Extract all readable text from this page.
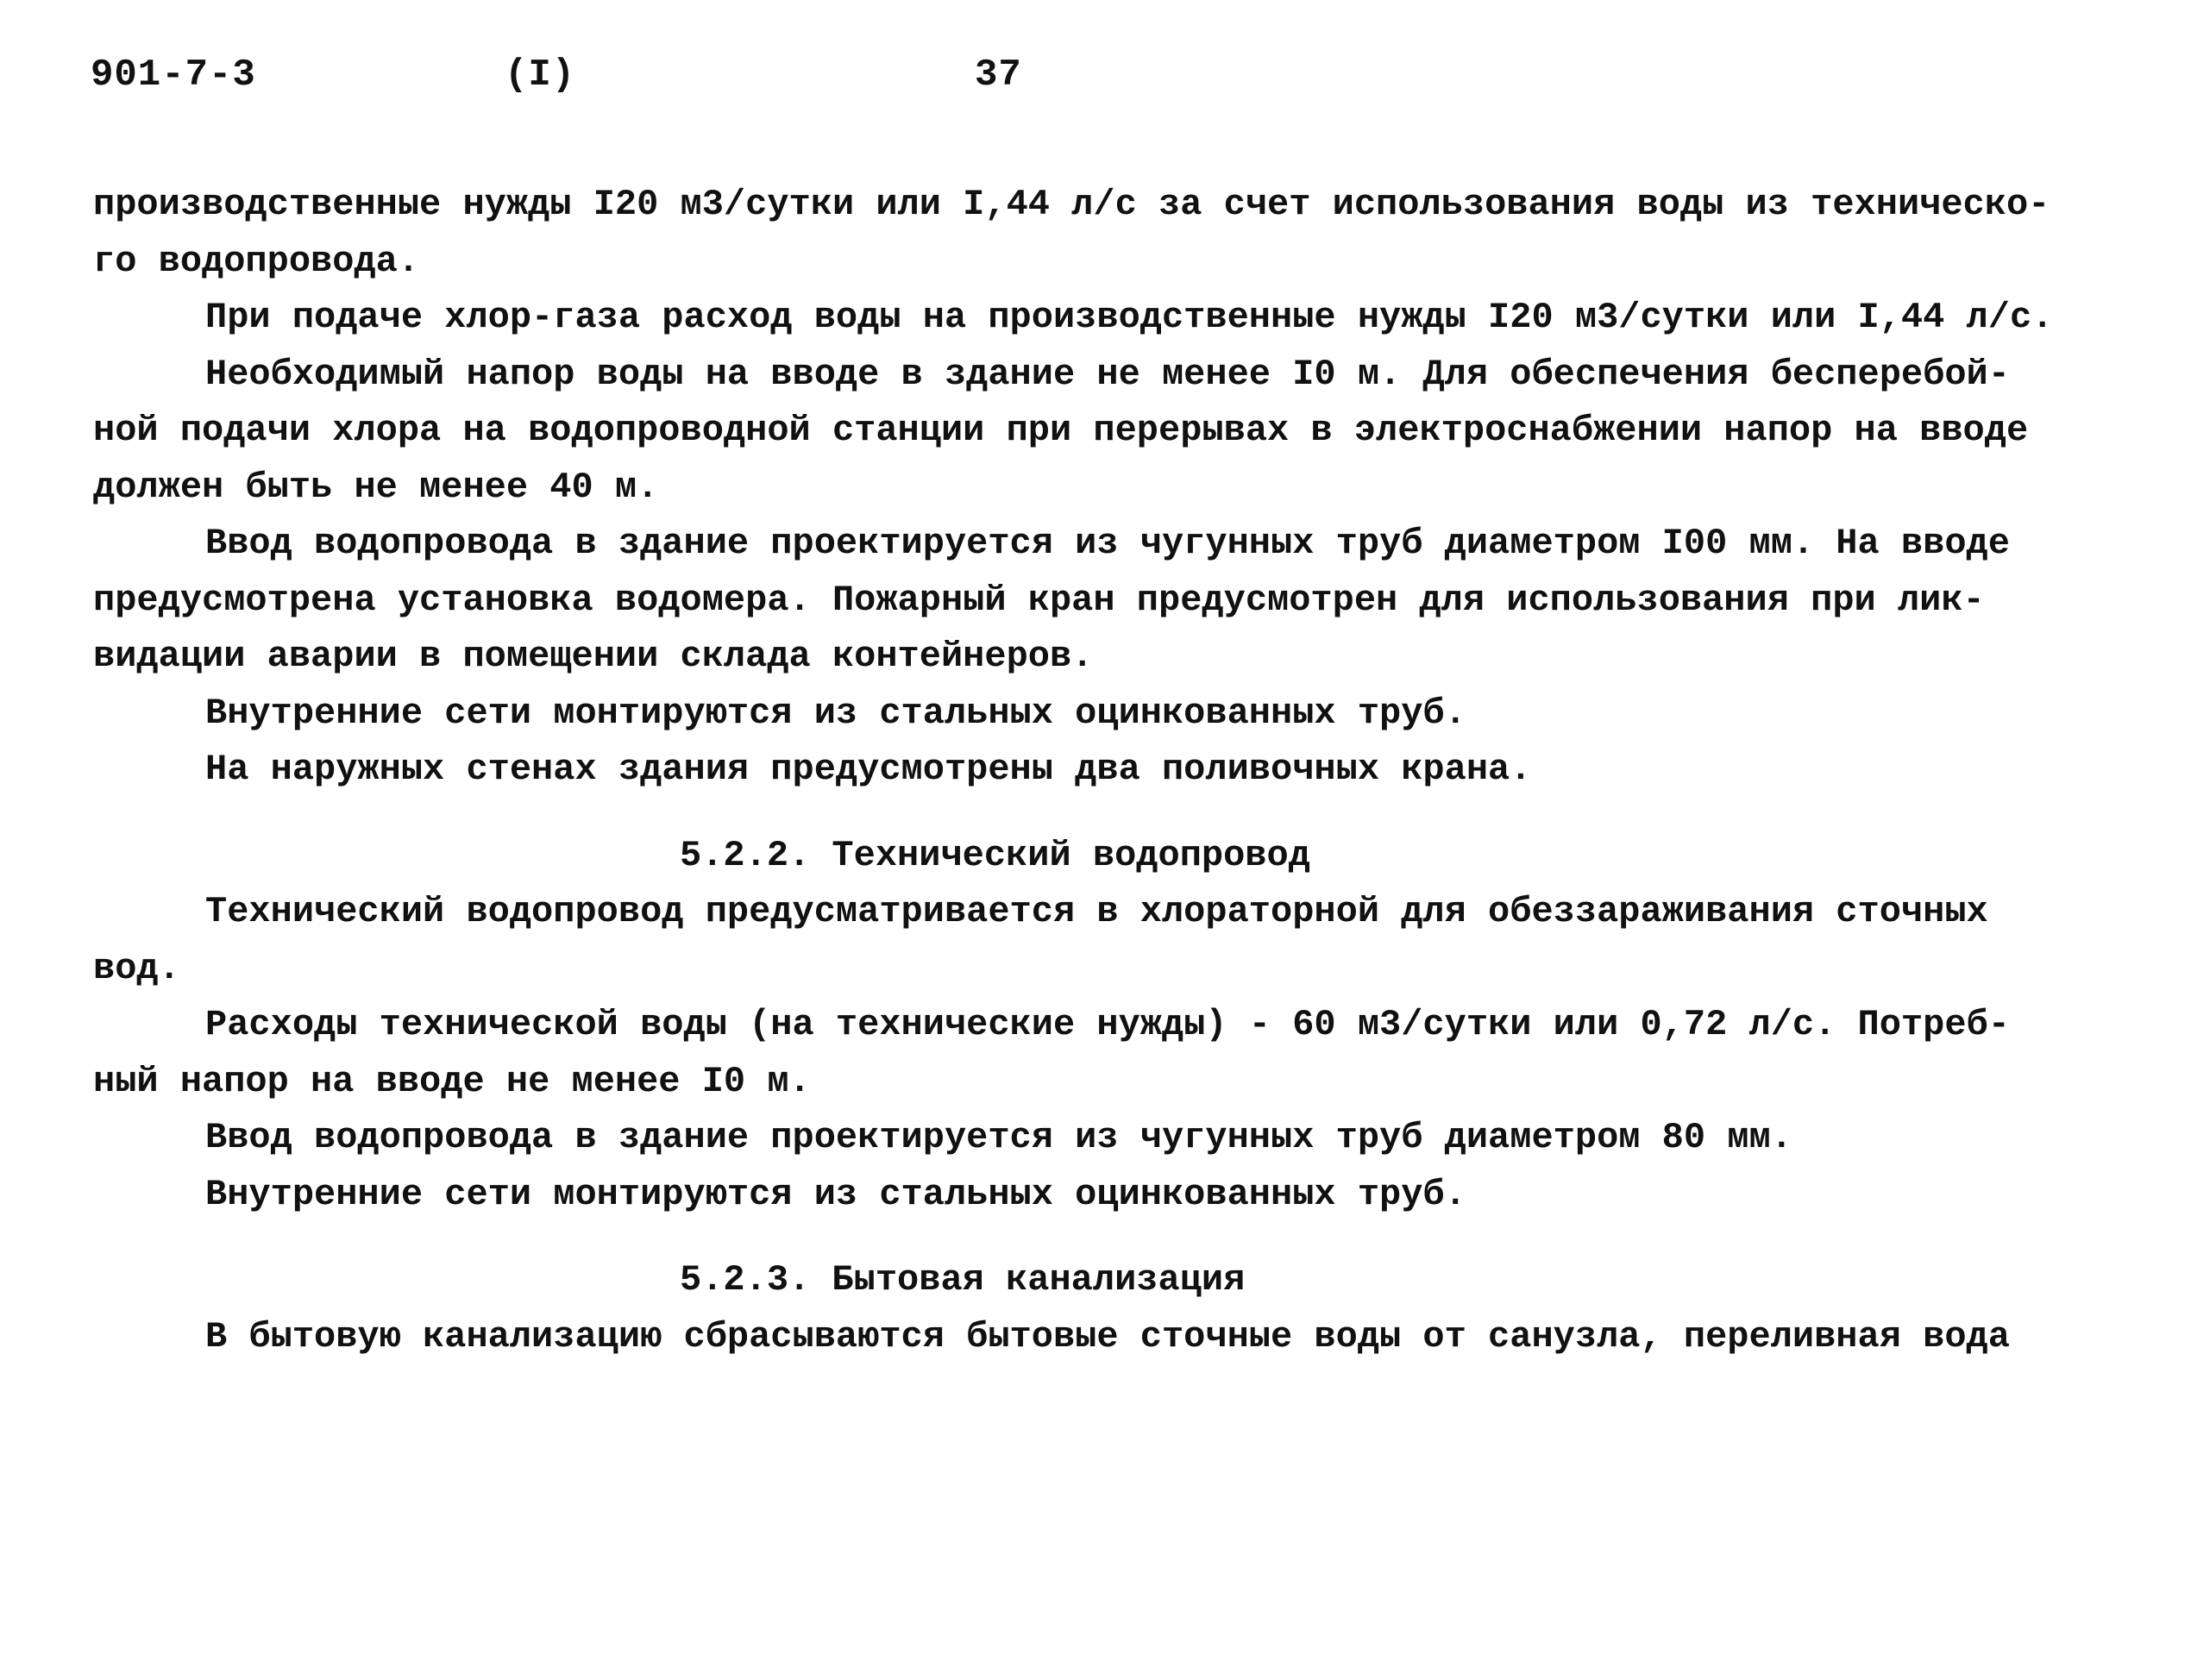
901-7-3	(I)	37
производственные нужды I20 м3/сутки или I,44 л/с за счет использования воды из техническо-
го водопровода.
При подаче хлор-газа расход воды на производственные нужды I20 м3/сутки или I,44 л/с.
Необходимый напор воды на вводе в здание не менее I0 м. Для обеспечения бесперебой-
ной подачи хлора на водопроводной станции при перерывах в электроснабжении напор на вводе
должен быть не менее 40 м.
Ввод водопровода в здание проектируется из чугунных труб диаметром I00 мм. На вводе
предусмотрена установка водомера. Пожарный кран предусмотрен для использования при лик-
видации аварии в помещении склада контейнеров.
Внутренние сети монтируются из стальных оцинкованных труб.
На наружных стенах здания предусмотрены два поливочных крана.
5.2.2. Технический водопровод
Технический водопровод предусматривается в хлораторной для обеззараживания сточных
вод.
Расходы технической воды (на технические нужды) - 60 м3/сутки или 0,72 л/с. Потреб-
ный напор на вводе не менее I0 м.
Ввод водопровода в здание проектируется из чугунных труб диаметром 80 мм.
Внутренние сети монтируются из стальных оцинкованных труб.
5.2.3. Бытовая канализация
В бытовую канализацию сбрасываются бытовые сточные воды от санузла, переливная вода
